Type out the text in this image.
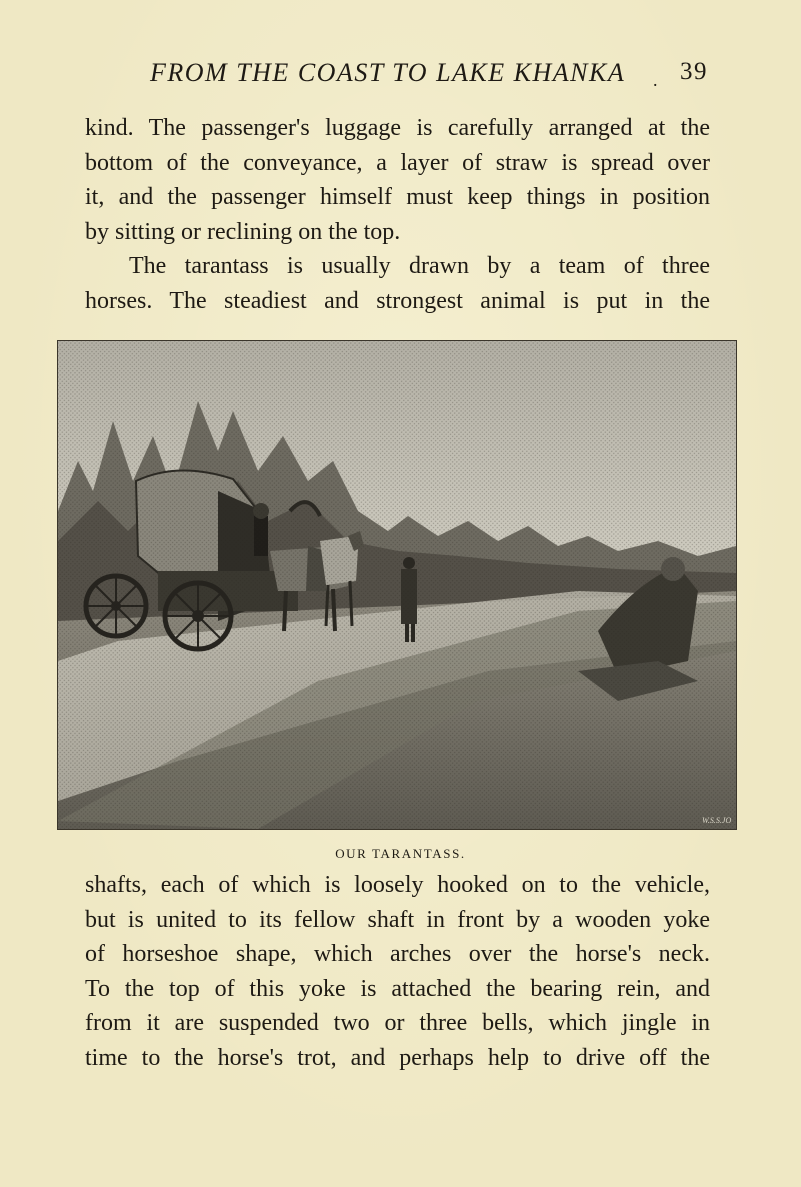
FROM THE COAST TO LAKE KHANKA . 39
kind. The passenger's luggage is carefully arranged at the
bottom of the conveyance, a layer of straw is spread over
it, and the passenger himself must keep things in position
by sitting or reclining on the top.
The tarantass is usually drawn by a team of three
horses. The steadiest and strongest animal is put in the
W.S.S.JO
OUR TARANTASS.
shafts, each of which is loosely hooked on to the vehicle,
but is united to its fellow shaft in front by a wooden yoke
of horseshoe shape, which arches over the horse's neck.
To the top of this yoke is attached the bearing rein, and
from it are suspended two or three bells, which jingle in
time to the horse's trot, and perhaps help to drive off the
